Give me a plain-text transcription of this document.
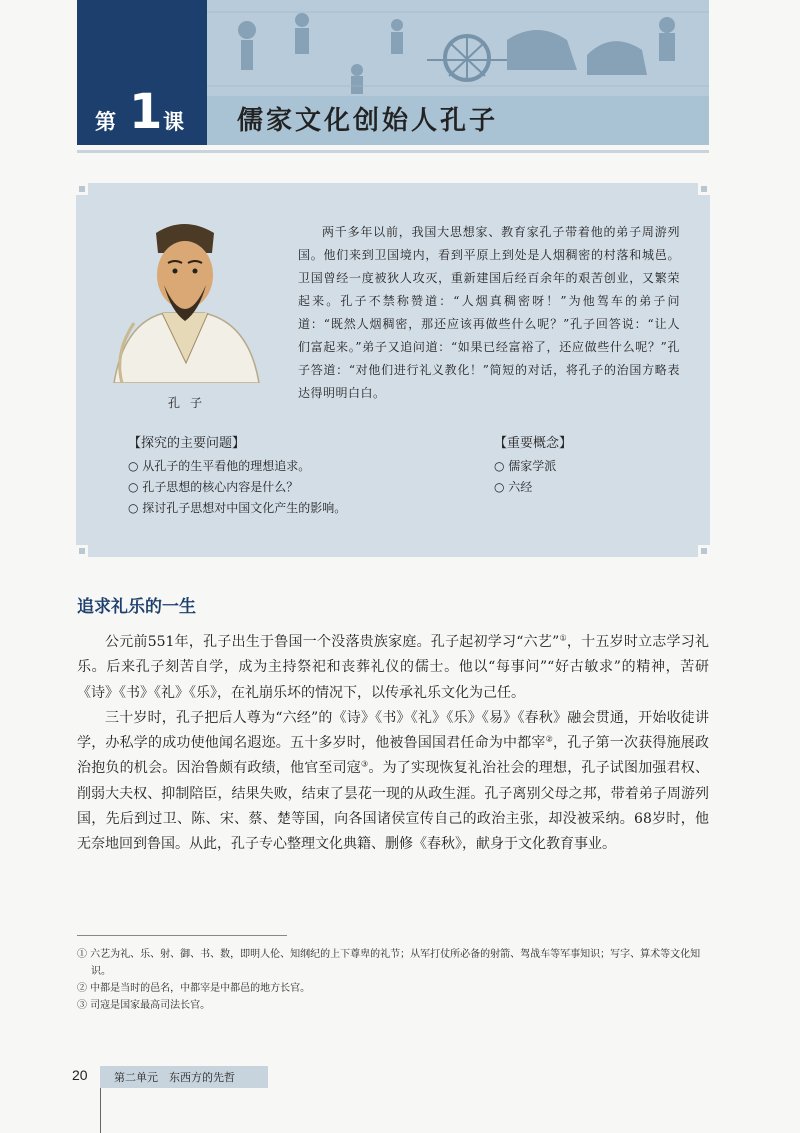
第 1 课 儒家文化创始人孔子
孔子

两千多年以前，我国大思想家、教育家孔子带着他的弟子周游列国。他们来到卫国境内，看到平原上到处是人烟稠密的村落和城邑。卫国曾经一度被狄人攻灭，重新建国后经百余年的艰苦创业，又繁荣起来。孔子不禁称赞道：“人烟真稠密呀！”为他驾车的弟子问道：“既然人烟稠密，那还应该再做些什么呢？”孔子回答说：“让人们富起来。”弟子又追问道：“如果已经富裕了，还应做些什么呢？”孔子答道：“对他们进行礼义教化！”简短的对话，将孔子的治国方略表达得明明白白。

【探究的主要问题】
○ 从孔子的生平看他的理想追求。
○ 孔子思想的核心内容是什么？
○ 探讨孔子思想对中国文化产生的影响。
【重要概念】
○ 儒家学派
○ 六经
追求礼乐的一生

公元前551年，孔子出生于鲁国一个没落贵族家庭。孔子起初学习“六艺”①，十五岁时立志学习礼乐。后来孔子刻苦自学，成为主持祭祀和丧葬礼仪的儒士。他以“每事问”“好古敏求”的精神，苦研《诗》《书》《礼》《乐》，在礼崩乐坏的情况下，以传承礼乐文化为己任。

三十岁时，孔子把后人尊为“六经”的《诗》《书》《礼》《乐》《易》《春秋》融会贯通，开始收徒讲学，办私学的成功使他闻名遐迩。五十多岁时，他被鲁国国君任命为中都宰②，孔子第一次获得施展政治抱负的机会。因治鲁颇有政绩，他官至司寇③。为了实现恢复礼治社会的理想，孔子试图加强君权、削弱大夫权、抑制陪臣，结果失败，结束了昙花一现的从政生涯。孔子离别父母之邦，带着弟子周游列国，先后到过卫、陈、宋、蔡、楚等国，向各国诸侯宣传自己的政治主张，却没被采纳。68岁时，他无奈地回到鲁国。从此，孔子专心整理文化典籍、删修《春秋》，献身于文化教育事业。

① 六艺为礼、乐、射、御、书、数，即明人伦、知纲纪的上下尊卑的礼节；从军打仗所必备的射箭、驾战车等军事知识；写字、算术等文化知识。
② 中都是当时的邑名，中都宰是中都邑的地方长官。
③ 司寇是国家最高司法长官。
20 第二单元　东西方的先哲
